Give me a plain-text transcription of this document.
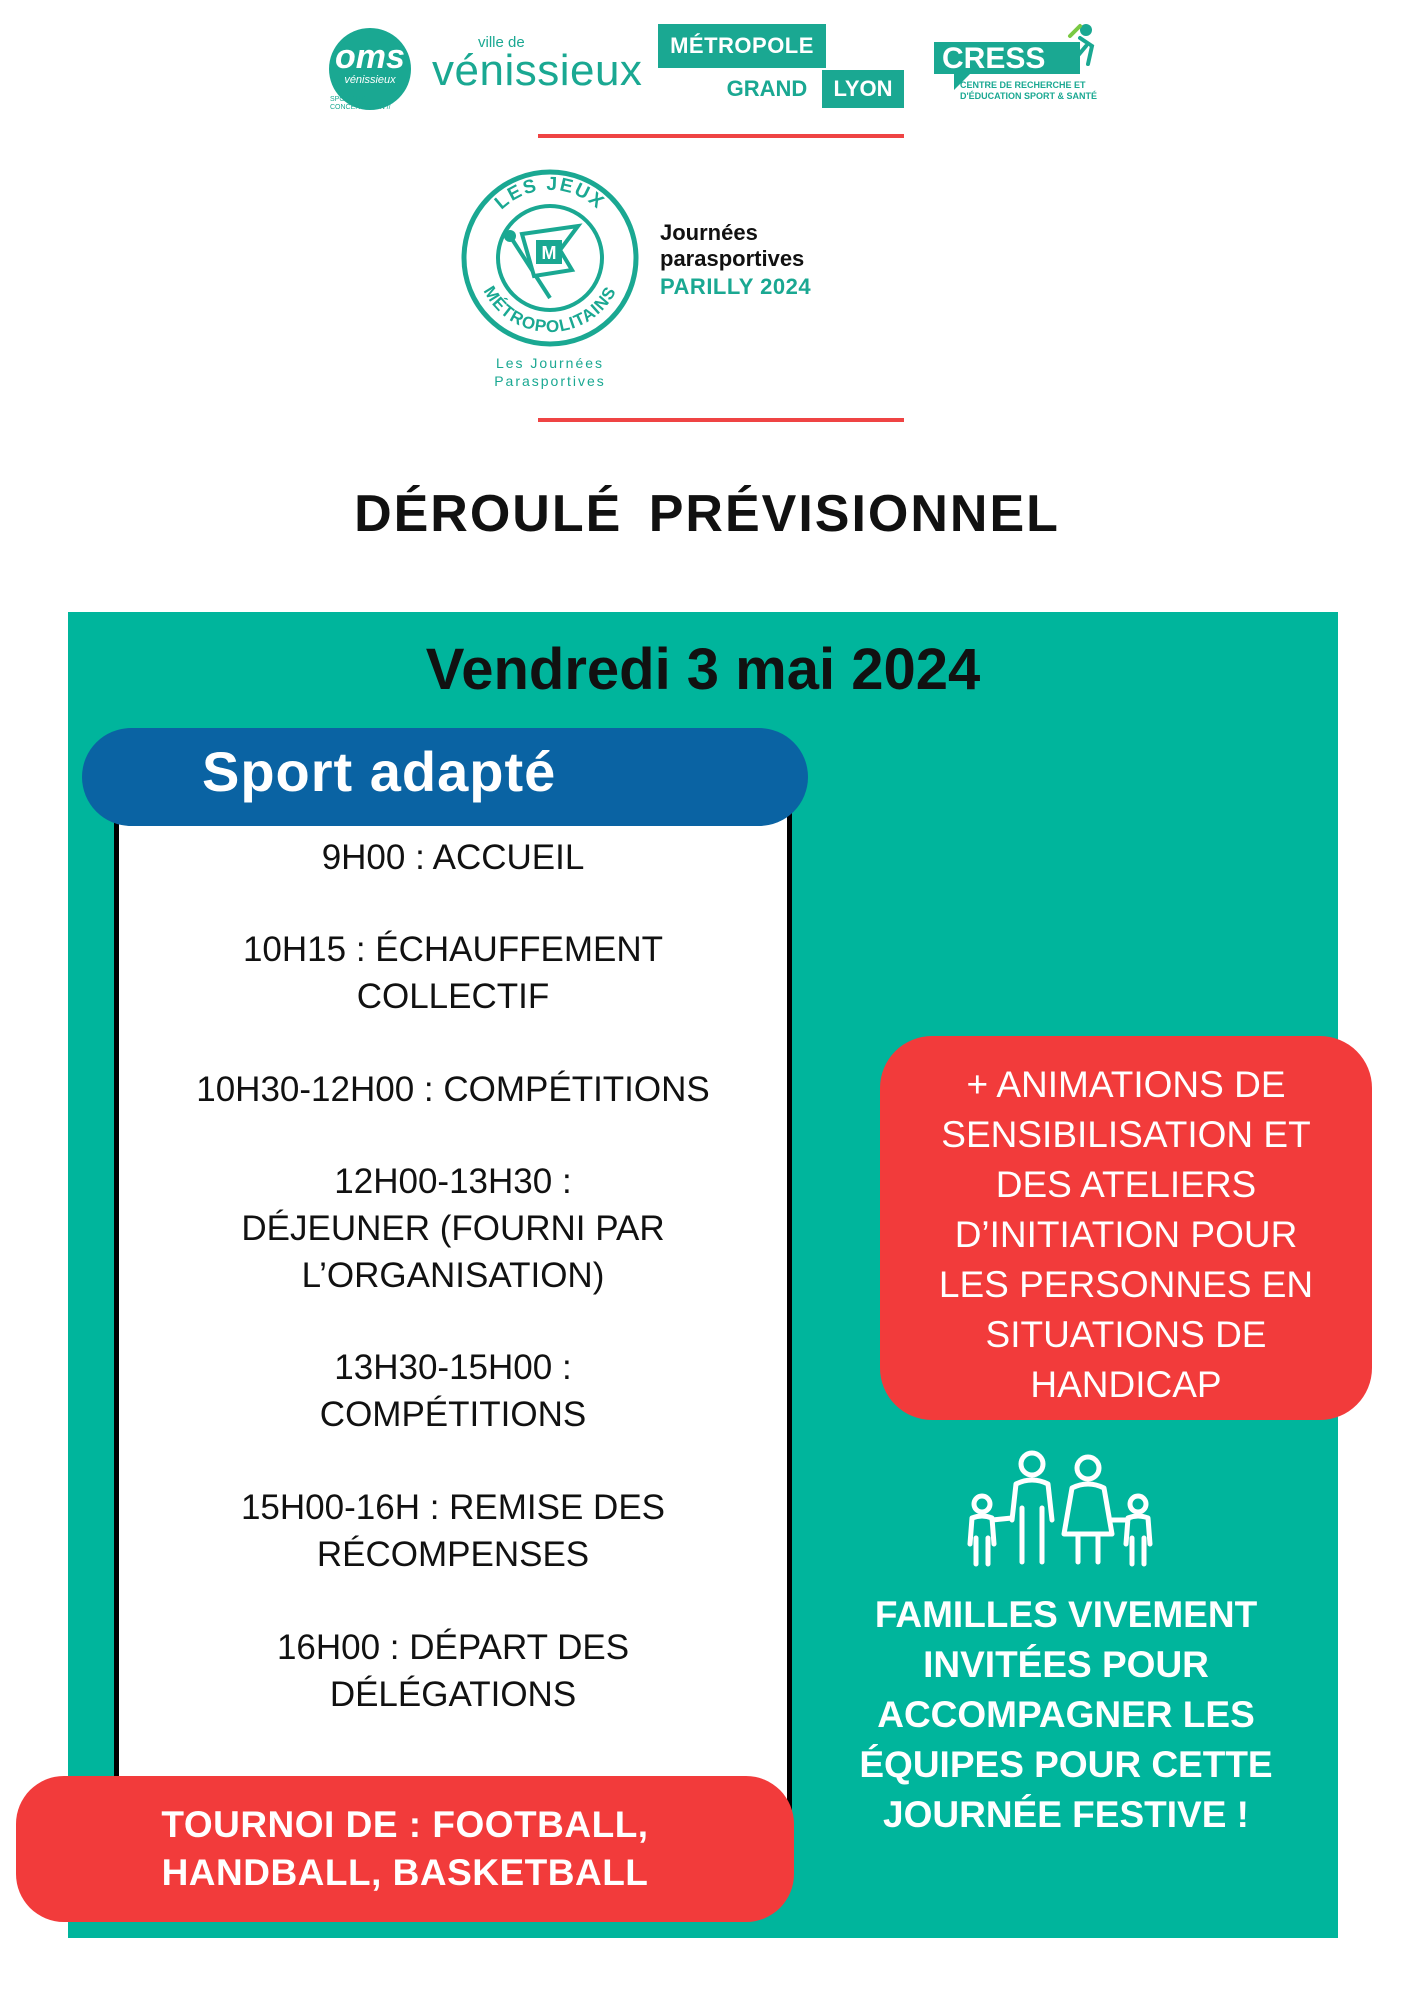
oms
vénissieux
SPORT ET CONCERTATION //
ville de
vénissieux
MÉTROPOLE
GRAND	LYON
CRESS
CENTRE DE RECHERCHE ET D'ÉDUCATION SPORT & SANTÉ
LES JEUX
MÉTROPOLITAINS
M
Les Journées
Parasportives
Journées
parasportives
PARILLY 2024
DÉROULÉ PRÉVISIONNEL
Vendredi 3 mai 2024
Sport adapté
9H00 : ACCUEIL
10H15 : ÉCHAUFFEMENT
COLLECTIF
10H30-12H00 : COMPÉTITIONS
12H00-13H30 :
DÉJEUNER (FOURNI PAR
L’ORGANISATION)
13H30-15H00 :
COMPÉTITIONS
15H00-16H : REMISE DES
RÉCOMPENSES
16H00 : DÉPART DES
DÉLÉGATIONS
TOURNOI DE : FOOTBALL,
HANDBALL, BASKETBALL
+ ANIMATIONS DE
SENSIBILISATION ET
DES ATELIERS
D’INITIATION POUR
LES PERSONNES EN
SITUATIONS DE
HANDICAP
FAMILLES VIVEMENT
INVITÉES POUR
ACCOMPAGNER LES
ÉQUIPES POUR CETTE
JOURNÉE FESTIVE !
